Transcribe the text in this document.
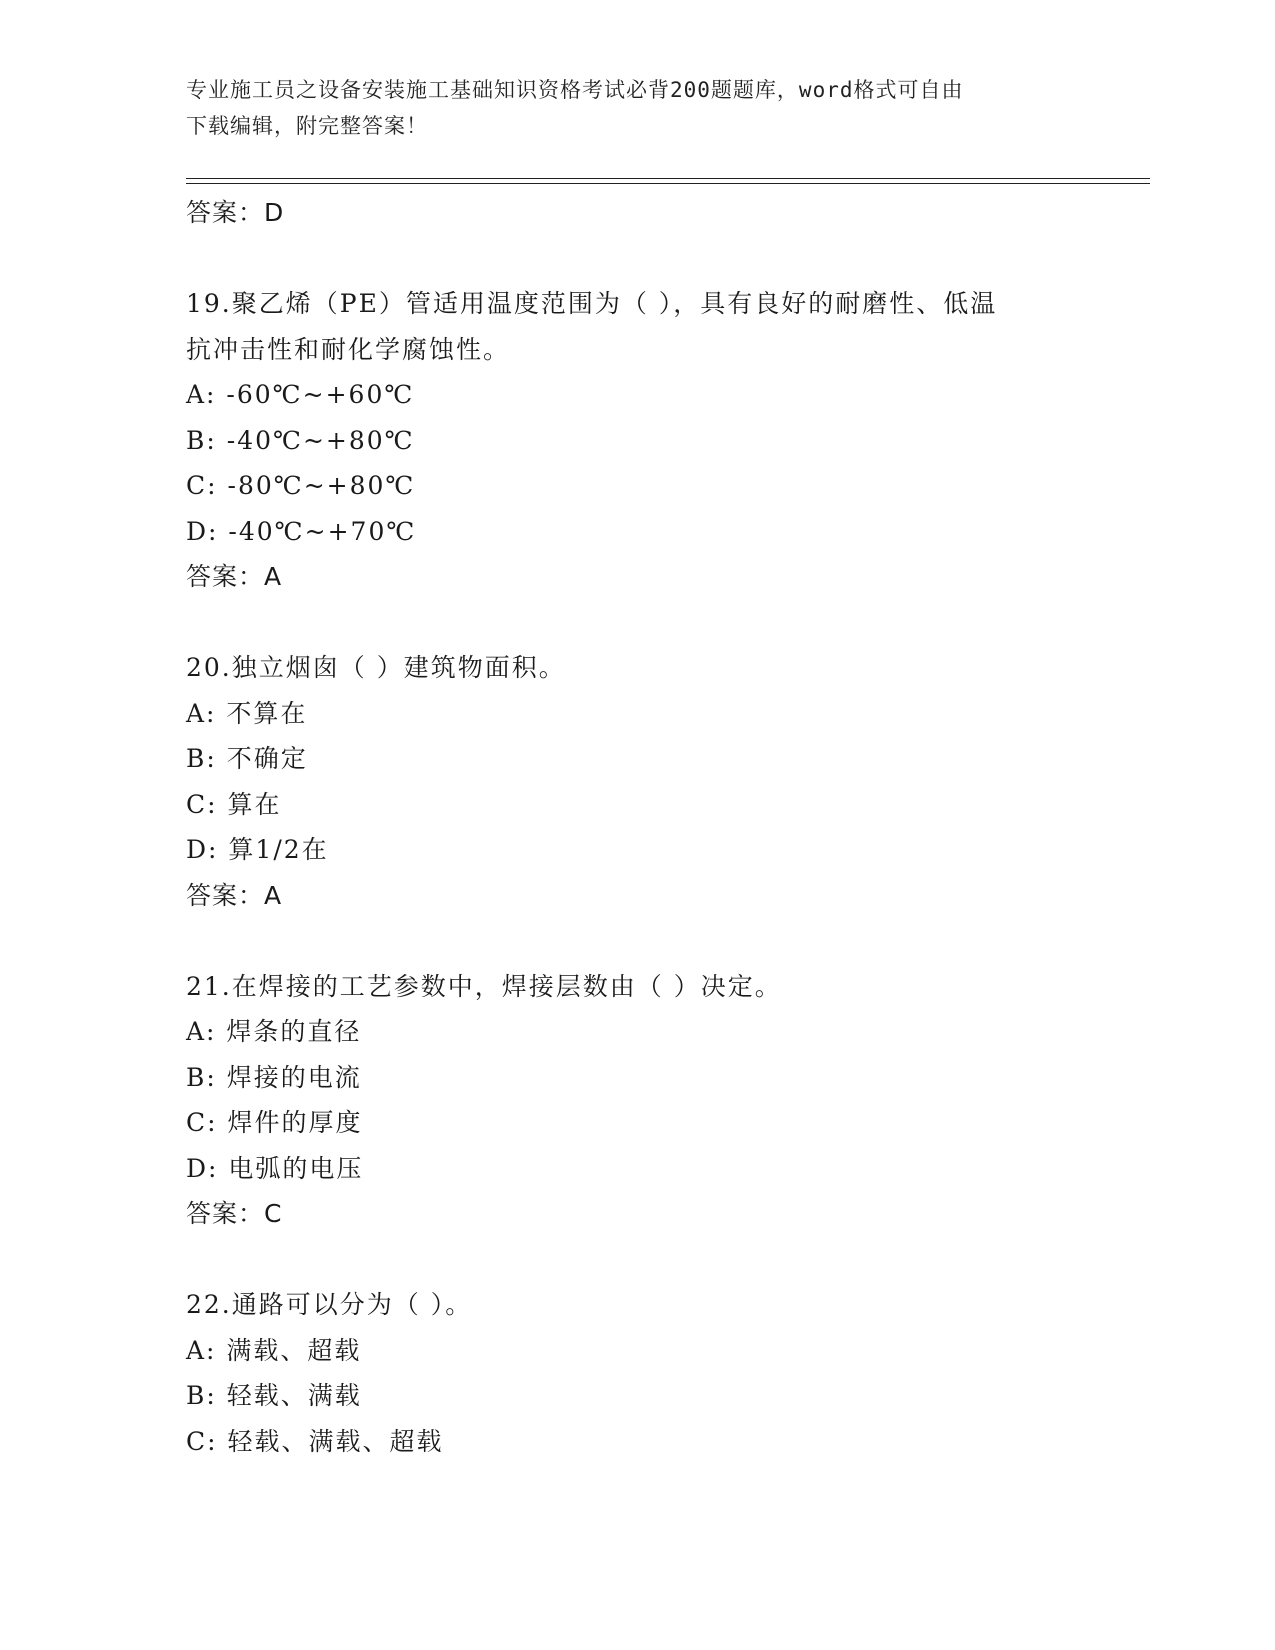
专业施工员之设备安装施工基础知识资格考试必背200题题库，word格式可自由
下载编辑，附完整答案！
答案：D
19.聚乙烯（PE）管适用温度范围为（ ），具有良好的耐磨性、低温
抗冲击性和耐化学腐蚀性。
A: -60℃~+60℃
B: -40℃~+80℃
C: -80℃~+80℃
D: -40℃~+70℃
答案：A
20.独立烟囱（ ）建筑物面积。
A: 不算在
B: 不确定
C: 算在
D: 算1/2在
答案：A
21.在焊接的工艺参数中，焊接层数由（ ）决定。
A: 焊条的直径
B: 焊接的电流
C: 焊件的厚度
D: 电弧的电压
答案：C
22.通路可以分为（ ）。
A: 满载、超载
B: 轻载、满载
C: 轻载、满载、超载
